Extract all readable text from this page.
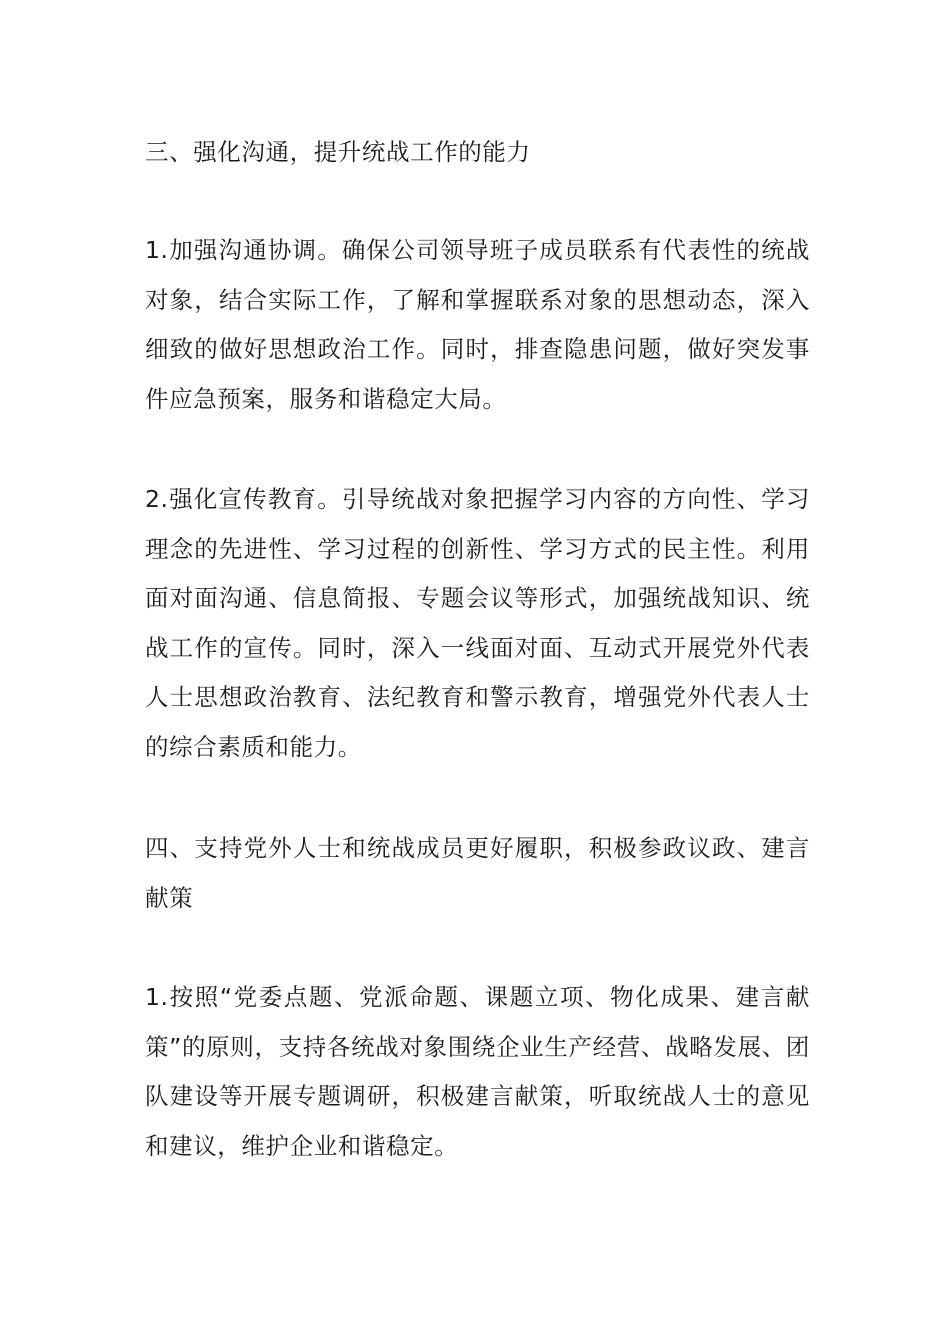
三、强化沟通，提升统战工作的能力

1.加强沟通协调。确保公司领导班子成员联系有代表性的统战对象，结合实际工作，了解和掌握联系对象的思想动态，深入细致的做好思想政治工作。同时，排查隐患问题，做好突发事件应急预案，服务和谐稳定大局。

2.强化宣传教育。引导统战对象把握学习内容的方向性、学习理念的先进性、学习过程的创新性、学习方式的民主性。利用面对面沟通、信息简报、专题会议等形式，加强统战知识、统战工作的宣传。同时，深入一线面对面、互动式开展党外代表人士思想政治教育、法纪教育和警示教育，增强党外代表人士的综合素质和能力。

四、支持党外人士和统战成员更好履职，积极参政议政、建言献策

1.按照“党委点题、党派命题、课题立项、物化成果、建言献策”的原则，支持各统战对象围绕企业生产经营、战略发展、团队建设等开展专题调研，积极建言献策，听取统战人士的意见和建议，维护企业和谐稳定。
